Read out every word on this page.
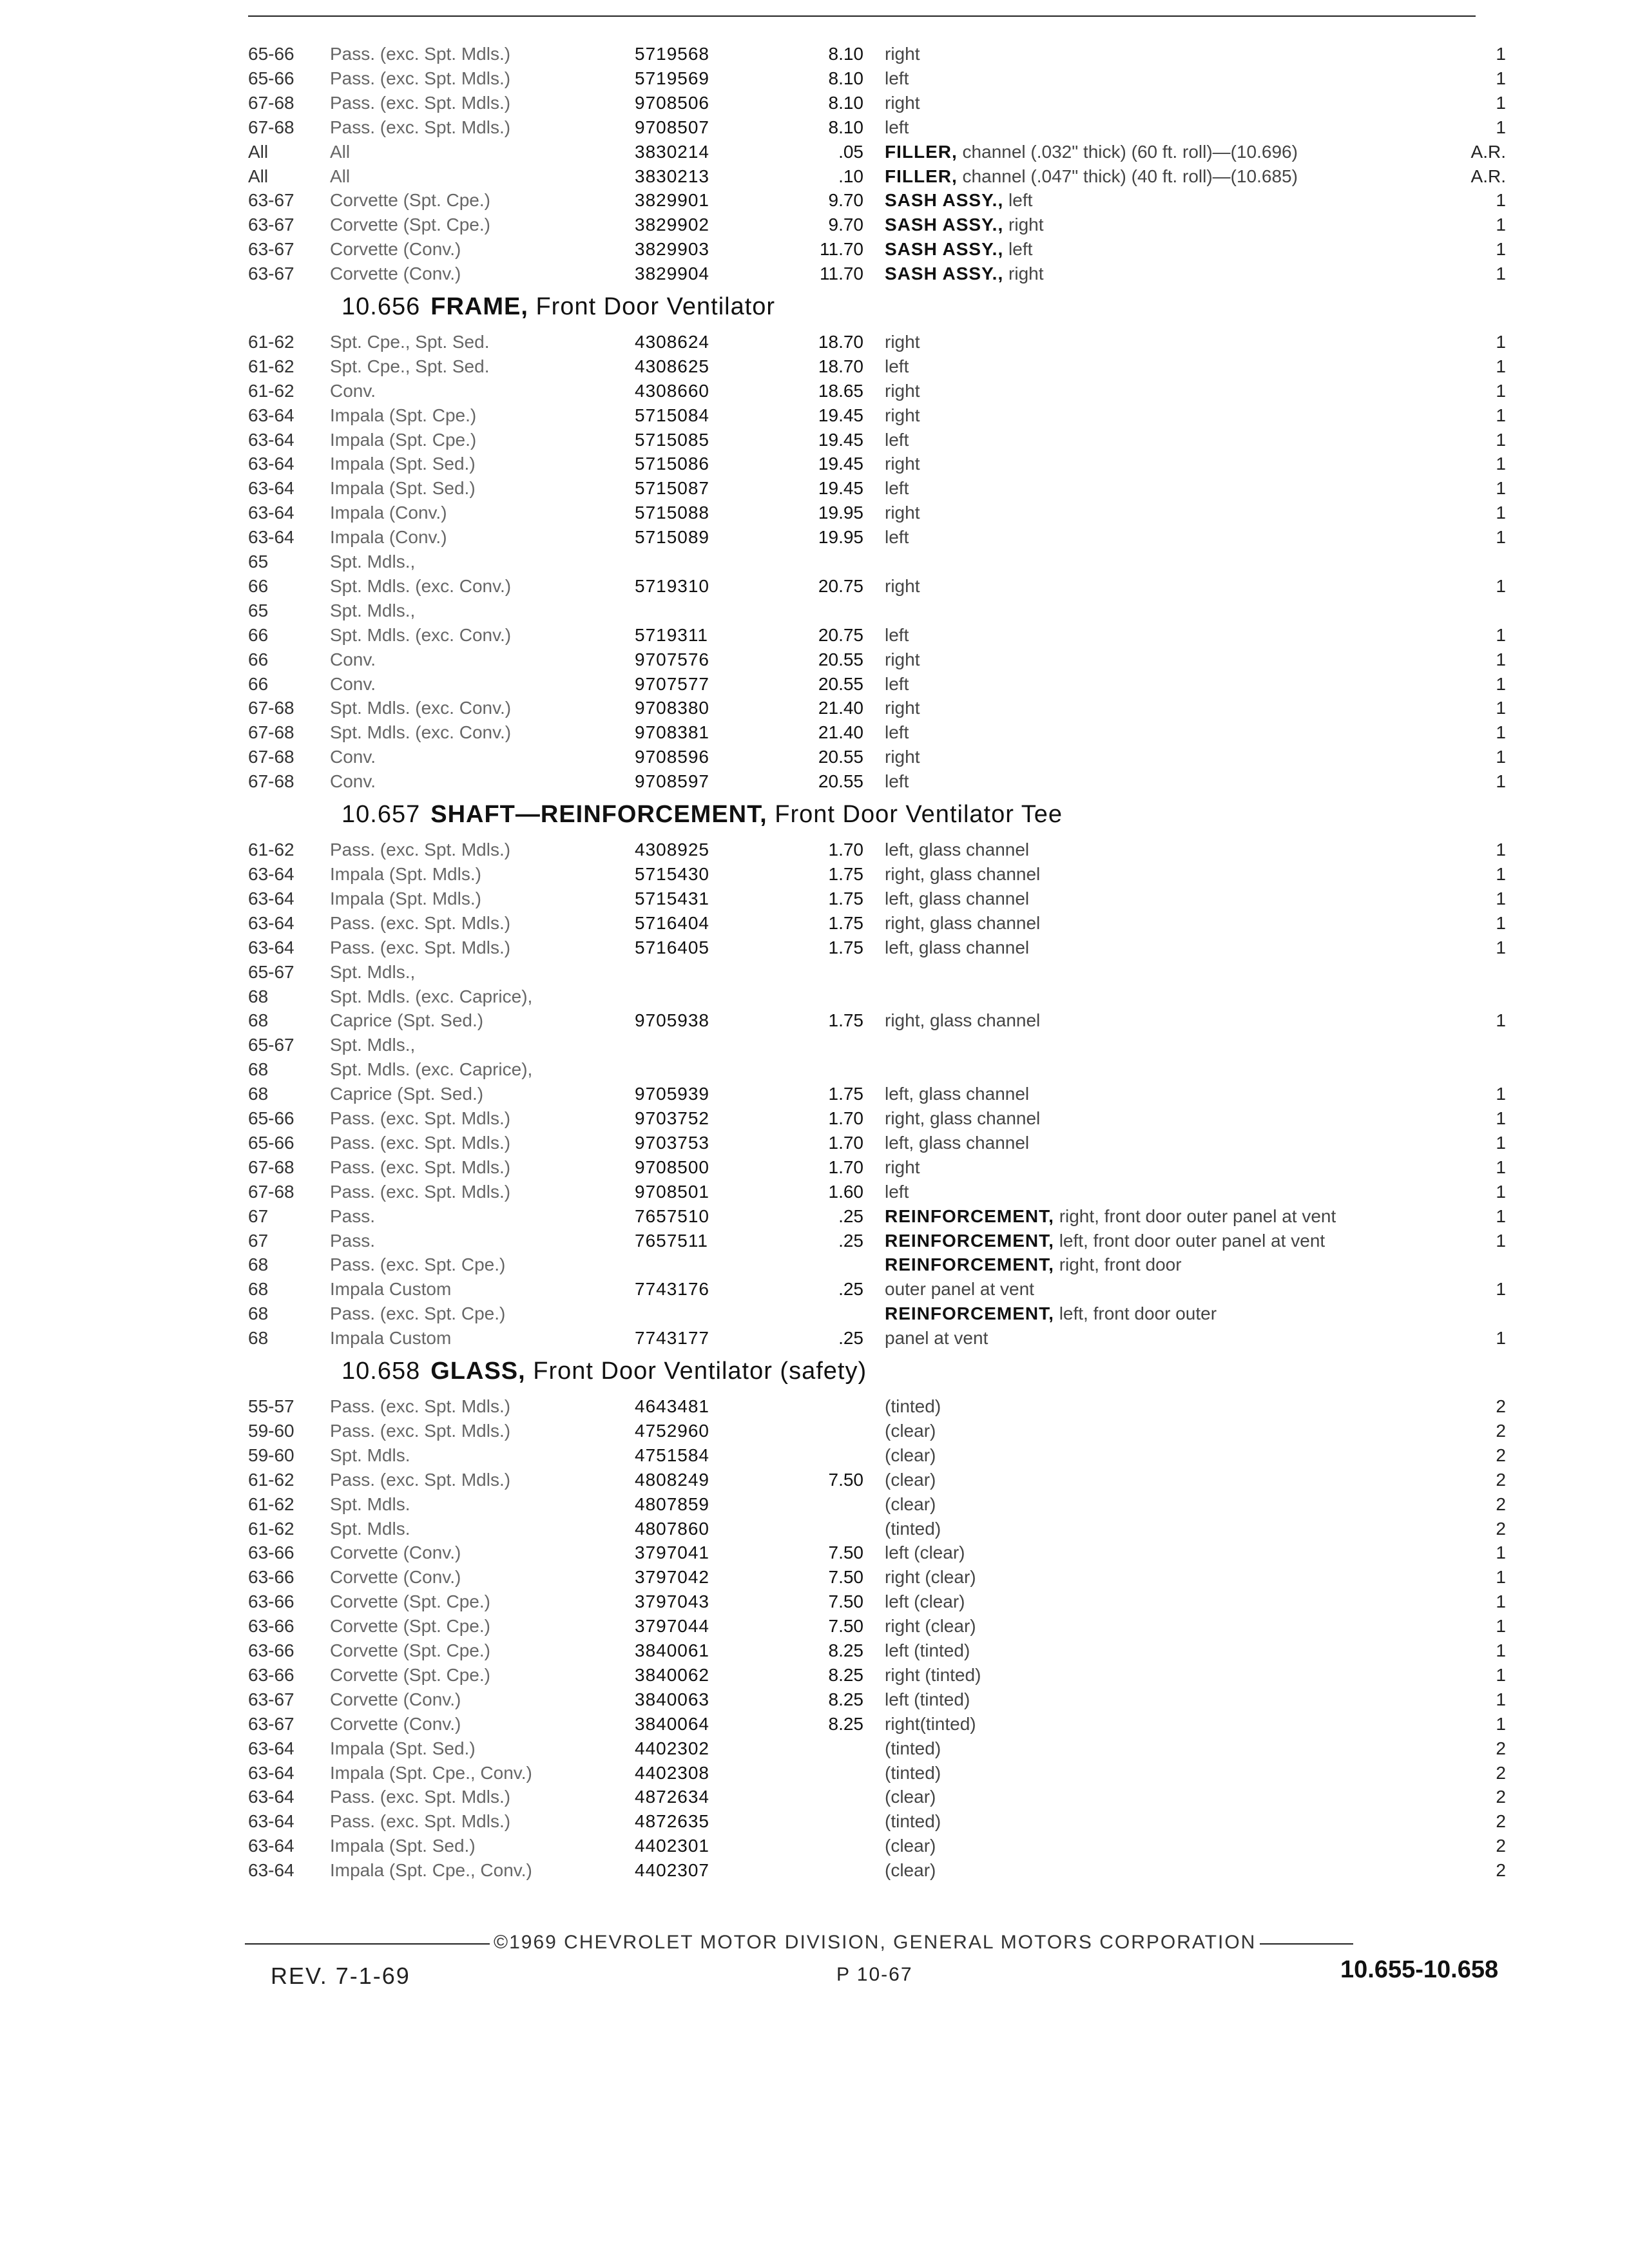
65-66 Pass. (exc. Spt. Mdls.)	5719568	8.10 right	1
65-66 Pass. (exc. Spt. Mdls.)	5719569	8.10 left	1
67-68 Pass. (exc. Spt. Mdls.)	9708506	8.10 right	1
67-68 Pass. (exc. Spt. Mdls.)	9708507	8.10 left	1
All	All	3830214	.05 FILLER, channel (.032" thick) (60 ft. roll)—(10.696)	A.R.
All	All	3830213	.10 FILLER, channel (.047" thick) (40 ft. roll)—(10.685)	A.R.
63-67 Corvette (Spt. Cpe.)	3829901	9.70 SASH ASSY., left	1
63-67 Corvette (Spt. Cpe.)	3829902	9.70 SASH ASSY., right	1
63-67 Corvette (Conv.)	3829903	11.70 SASH ASSY., left	1
63-67 Corvette (Conv.)	3829904	11.70 SASH ASSY., right	1
61-62 Spt. Cpe., Spt. Sed.	4308624	18.70 right	1
61-62 Spt. Cpe., Spt. Sed.	4308625	18.70 left	1
61-62 Conv.	4308660	18.65 right	1
63-64 Impala (Spt. Cpe.)	5715084	19.45 right	1
63-64 Impala (Spt. Cpe.)	5715085	19.45 left	1
63-64 Impala (Spt. Sed.)	5715086	19.45 right	1
63-64 Impala (Spt. Sed.)	5715087	19.45 left	1
63-64 Impala (Conv.)	5715088	19.95 right	1
63-64 Impala (Conv.)	5715089	19.95 left	1
65	Spt. Mdls.,
66	Spt. Mdls. (exc. Conv.)	5719310	20.75 right	1
65	Spt. Mdls.,
66	Spt. Mdls. (exc. Conv.)	5719311	20.75 left	1
66	Conv.	9707576	20.55 right	1
66	Conv.	9707577	20.55 left	1
67-68 Spt. Mdls. (exc. Conv.)	9708380	21.40 right	1
67-68 Spt. Mdls. (exc. Conv.)	9708381	21.40 left	1
67-68 Conv.	9708596	20.55 right	1
67-68 Conv.	9708597	20.55 left	1
61-62 Pass. (exc. Spt. Mdls.)	4308925	1.70 left, glass channel	1
63-64 Impala (Spt. Mdls.)	5715430	1.75 right, glass channel	1
63-64 Impala (Spt. Mdls.)	5715431	1.75 left, glass channel	1
63-64 Pass. (exc. Spt. Mdls.)	5716404	1.75 right, glass channel	1
63-64 Pass. (exc. Spt. Mdls.)	5716405	1.75 left, glass channel	1
65-67 Spt. Mdls.,
68	Spt. Mdls. (exc. Caprice),
68	Caprice (Spt. Sed.)	9705938	1.75 right, glass channel	1
65-67 Spt. Mdls.,
68	Spt. Mdls. (exc. Caprice),
68	Caprice (Spt. Sed.)	9705939	1.75 left, glass channel	1
65-66 Pass. (exc. Spt. Mdls.)	9703752	1.70 right, glass channel	1
65-66 Pass. (exc. Spt. Mdls.)	9703753	1.70 left, glass channel	1
67-68 Pass. (exc. Spt. Mdls.)	9708500	1.70 right	1
67-68 Pass. (exc. Spt. Mdls.)	9708501	1.60 left	1
67	Pass.	7657510	.25 REINFORCEMENT, right, front door outer panel at vent	1
67	Pass.	7657511	.25 REINFORCEMENT, left, front door outer panel at vent	1
68	Pass. (exc. Spt. Cpe.)	REINFORCEMENT, right, front door
68	Impala Custom	7743176	.25 outer panel at vent	1
68	Pass. (exc. Spt. Cpe.)	REINFORCEMENT, left, front door outer
68	Impala Custom	7743177	.25 panel at vent	1
55-57 Pass. (exc. Spt. Mdls.)	4643481	(tinted)	2
59-60 Pass. (exc. Spt. Mdls.)	4752960	(clear)	2
59-60 Spt. Mdls.	4751584	(clear)	2
61-62 Pass. (exc. Spt. Mdls.)	4808249	7.50 (clear)	2
61-62 Spt. Mdls.	4807859	(clear)	2
61-62 Spt. Mdls.	4807860	(tinted)	2
63-66 Corvette (Conv.)	3797041	7.50 left (clear)	1
63-66 Corvette (Conv.)	3797042	7.50 right (clear)	1
63-66 Corvette (Spt. Cpe.)	3797043	7.50 left (clear)	1
63-66 Corvette (Spt. Cpe.)	3797044	7.50 right (clear)	1
63-66 Corvette (Spt. Cpe.)	3840061	8.25 left (tinted)	1
63-66 Corvette (Spt. Cpe.)	3840062	8.25 right (tinted)	1
63-67 Corvette (Conv.)	3840063	8.25 left (tinted)	1
63-67 Corvette (Conv.)	3840064	8.25 right(tinted)	1
63-64 Impala (Spt. Sed.)	4402302	(tinted)	2
63-64 Impala (Spt. Cpe., Conv.)	4402308	(tinted)	2
63-64 Pass. (exc. Spt. Mdls.)	4872634	(clear)	2
63-64 Pass. (exc. Spt. Mdls.)	4872635	(tinted)	2
63-64 Impala (Spt. Sed.)	4402301	(clear)	2
63-64 Impala (Spt. Cpe., Conv.)	4402307	(clear)	2
©1969 CHEVROLET MOTOR DIVISION, GENERAL MOTORS CORPORATION
REV. 7-1-69	P 10-67	10.655-10.658
10.656 FRAME, Front Door Ventilator
10.657 SHAFT—REINFORCEMENT, Front Door Ventilator Tee
10.658 GLASS, Front Door Ventilator (safety)
